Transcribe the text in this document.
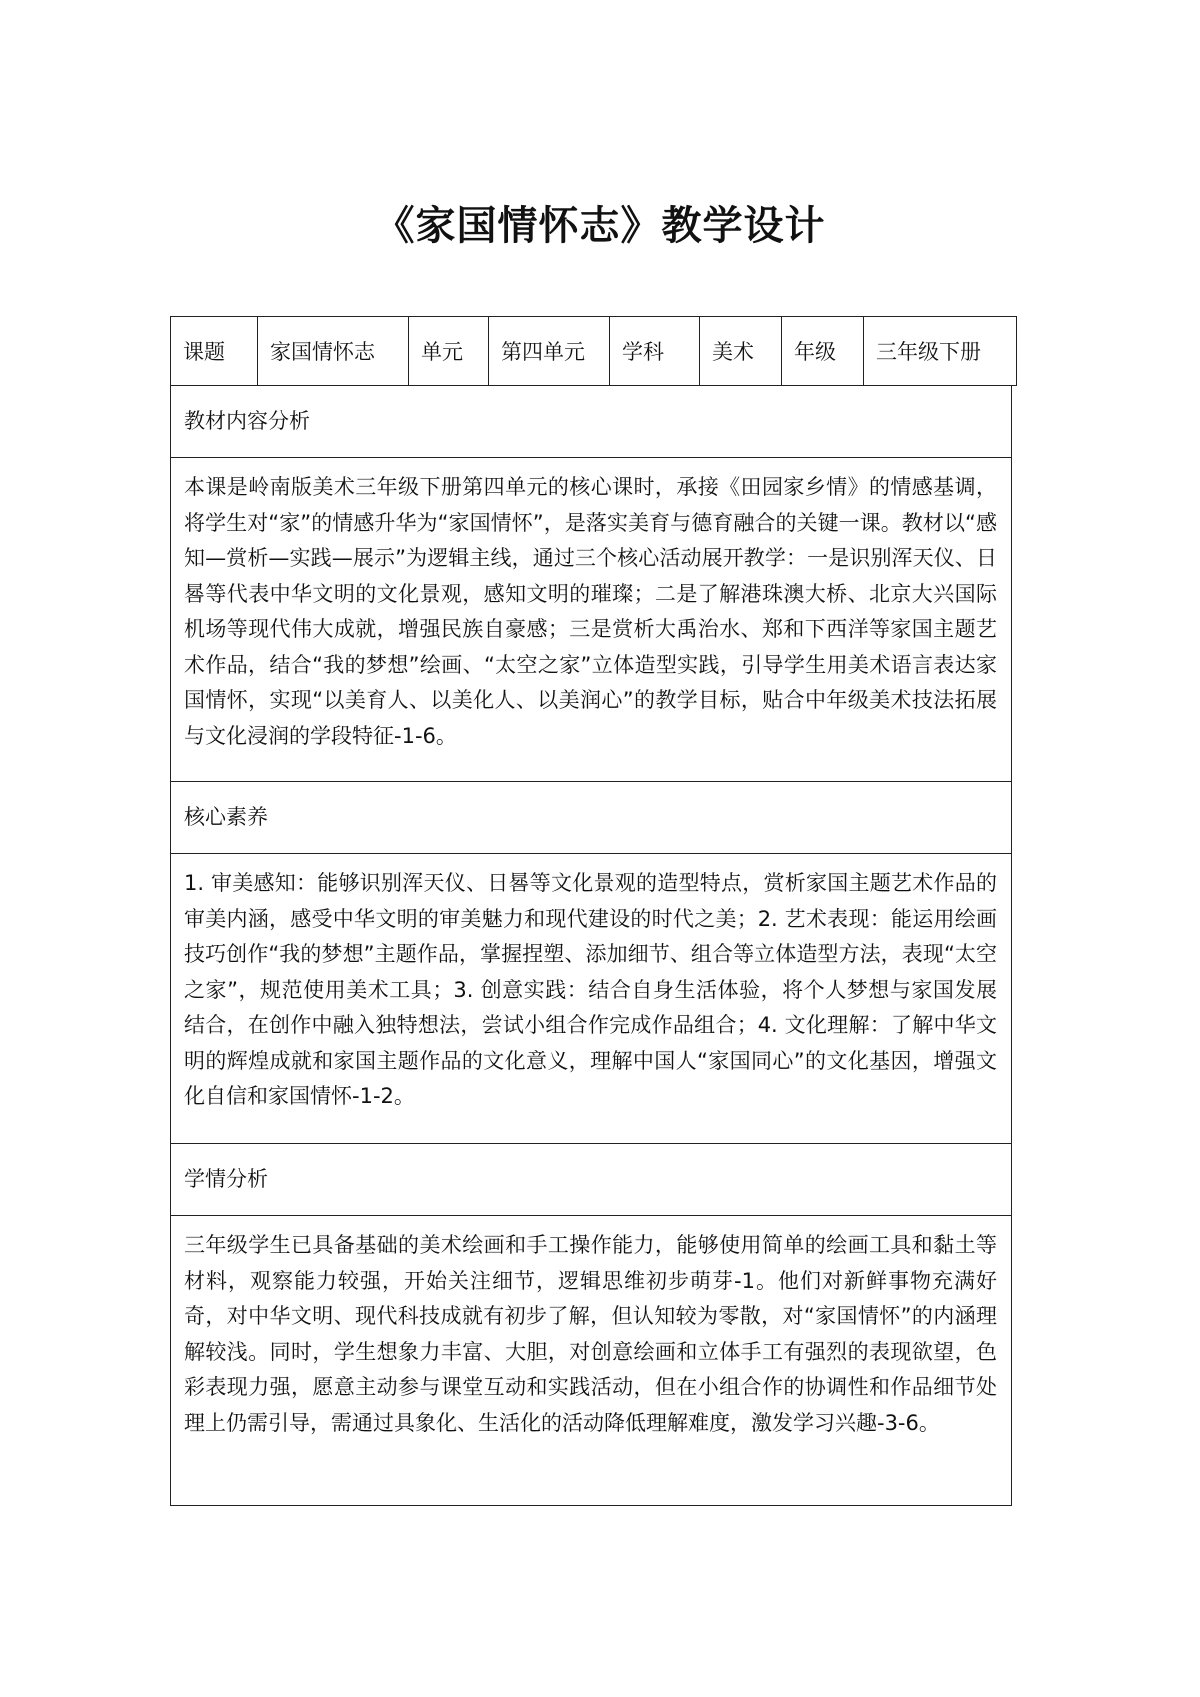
《家国情怀志》教学设计
课题	家国情怀志	单元	第四单元	学科	美术	年级	三年级下册
教材内容分析
本课是岭南版美术三年级下册第四单元的核心课时，承接《田园家乡情》的情感基调，将学生对“家”的情感升华为“家国情怀”，是落实美育与德育融合的关键一课。教材以“感知—赏析—实践—展示”为逻辑主线，通过三个核心活动展开教学：一是识别浑天仪、日晷等代表中华文明的文化景观，感知文明的璀璨；二是了解港珠澳大桥、北京大兴国际机场等现代伟大成就，增强民族自豪感；三是赏析大禹治水、郑和下西洋等家国主题艺术作品，结合“我的梦想”绘画、“太空之家”立体造型实践，引导学生用美术语言表达家国情怀，实现“以美育人、以美化人、以美润心”的教学目标，贴合中年级美术技法拓展与文化浸润的学段特征-1-6。
核心素养
1. 审美感知：能够识别浑天仪、日晷等文化景观的造型特点，赏析家国主题艺术作品的审美内涵，感受中华文明的审美魅力和现代建设的时代之美；2. 艺术表现：能运用绘画技巧创作“我的梦想”主题作品，掌握捏塑、添加细节、组合等立体造型方法，表现“太空之家”，规范使用美术工具；3. 创意实践：结合自身生活体验，将个人梦想与家国发展结合，在创作中融入独特想法，尝试小组合作完成作品组合；4. 文化理解：了解中华文明的辉煌成就和家国主题作品的文化意义，理解中国人“家国同心”的文化基因，增强文化自信和家国情怀-1-2。
学情分析
三年级学生已具备基础的美术绘画和手工操作能力，能够使用简单的绘画工具和黏土等材料，观察能力较强，开始关注细节，逻辑思维初步萌芽-1。他们对新鲜事物充满好奇，对中华文明、现代科技成就有初步了解，但认知较为零散，对“家国情怀”的内涵理解较浅。同时，学生想象力丰富、大胆，对创意绘画和立体手工有强烈的表现欲望，色彩表现力强，愿意主动参与课堂互动和实践活动，但在小组合作的协调性和作品细节处理上仍需引导，需通过具象化、生活化的活动降低理解难度，激发学习兴趣-3-6。
